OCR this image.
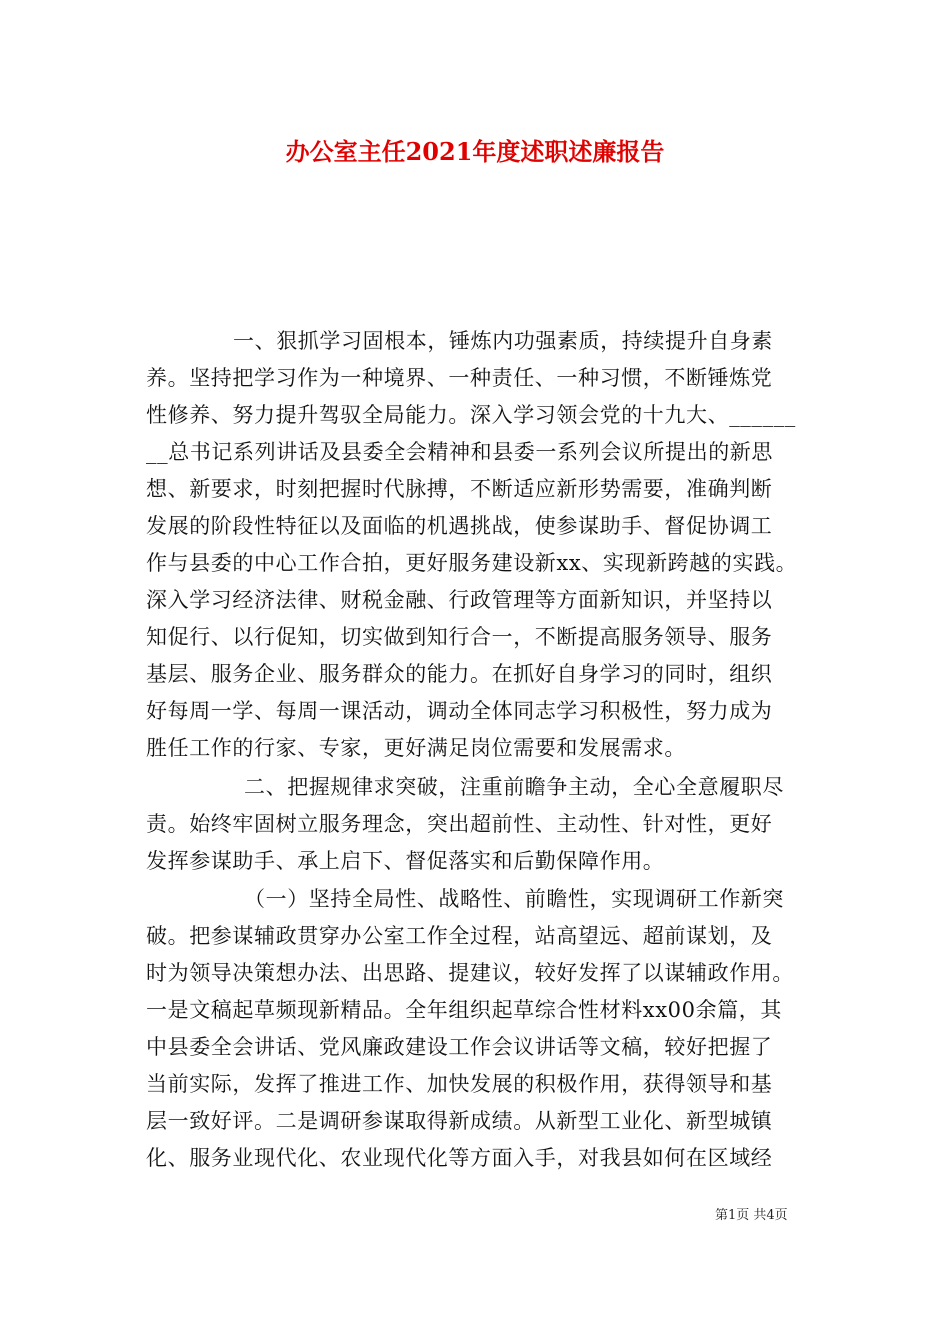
办公室主任2021年度述职述廉报告
一、狠抓学习固根本，锤炼内功强素质，持续提升自身素
养。坚持把学习作为一种境界、一种责任、一种习惯，不断锤炼党
性修养、努力提升驾驭全局能力。深入学习领会党的十九大、______
__总书记系列讲话及县委全会精神和县委一系列会议所提出的新思
想、新要求，时刻把握时代脉搏，不断适应新形势需要，准确判断
发展的阶段性特征以及面临的机遇挑战，使参谋助手、督促协调工
作与县委的中心工作合拍，更好服务建设新xx、实现新跨越的实践。
深入学习经济法律、财税金融、行政管理等方面新知识，并坚持以
知促行、以行促知，切实做到知行合一，不断提高服务领导、服务
基层、服务企业、服务群众的能力。在抓好自身学习的同时，组织
好每周一学、每周一课活动，调动全体同志学习积极性，努力成为
胜任工作的行家、专家，更好满足岗位需要和发展需求。
二、把握规律求突破，注重前瞻争主动，全心全意履职尽
责。始终牢固树立服务理念，突出超前性、主动性、针对性，更好
发挥参谋助手、承上启下、督促落实和后勤保障作用。
（一）坚持全局性、战略性、前瞻性，实现调研工作新突
破。把参谋辅政贯穿办公室工作全过程，站高望远、超前谋划，及
时为领导决策想办法、出思路、提建议，较好发挥了以谋辅政作用。
一是文稿起草频现新精品。全年组织起草综合性材料xx00余篇，其
中县委全会讲话、党风廉政建设工作会议讲话等文稿，较好把握了
当前实际，发挥了推进工作、加快发展的积极作用，获得领导和基
层一致好评。二是调研参谋取得新成绩。从新型工业化、新型城镇
化、服务业现代化、农业现代化等方面入手，对我县如何在区域经
第1页 共4页
